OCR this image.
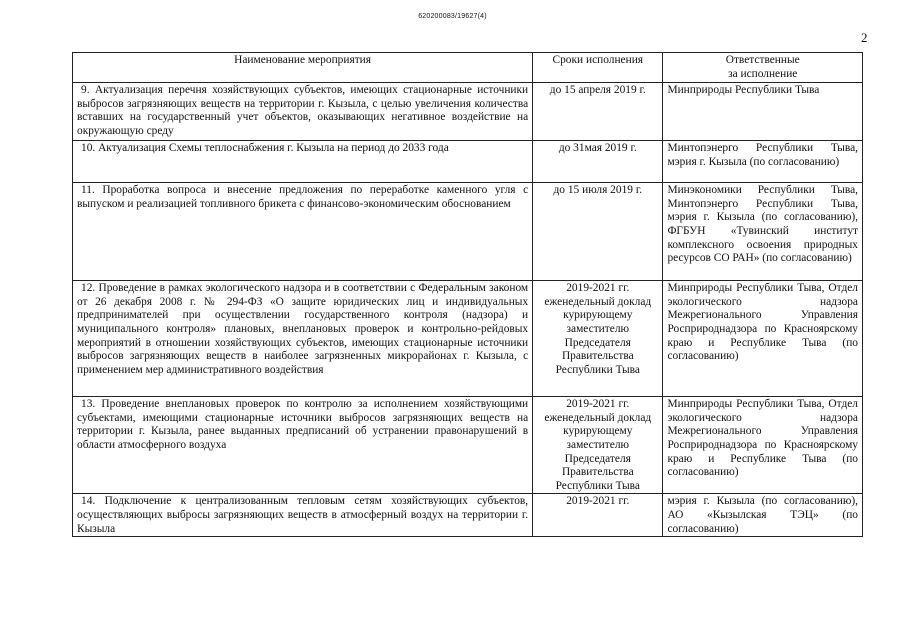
620200083/19627(4)
2
Наименование мероприятия	Сроки исполнения	Ответственные
за исполнение
9. Актуализация перечня хозяйствующих субъектов, имеющих стационарные источники выбросов загрязняющих веществ на территории г. Кызыла, с целью увеличения количества вставших на государственный учет объектов, оказывающих негативное воздействие на окружающую среду	до 15 апреля 2019 г.	Минприроды Республики Тыва
10. Актуализация Схемы теплоснабжения г. Кызыла на период до 2033 года	до 31мая 2019 г.	Минтопэнерго Республики Тыва, мэрия г. Кызыла (по согласованию)
11. Проработка вопроса и внесение предложения по переработке каменного угля с выпуском и реализацией топливного брикета с финансово-экономическим обоснованием	до 15 июля 2019 г.	Минэкономики Республики Тыва, Минтопэнерго Республики Тыва, мэрия г. Кызыла (по согласованию), ФГБУН «Тувинский институт комплексного освоения природных ресурсов СО РАН» (по согласованию)
12. Проведение в рамках экологического надзора и в соответствии с Федеральным законом от 26 декабря 2008 г. № 294-ФЗ «О защите юридических лиц и индивидуальных предпринимателей при осуществлении государственного контроля (надзора) и муниципального контроля» плановых, внеплановых проверок и контрольно-рейдовых мероприятий в отношении хозяйствующих субъектов, имеющих стационарные источники выбросов загрязняющих веществ в наиболее загрязненных микрорайонах г. Кызыла, с применением мер административного воздействия	2019-2021 гг. еженедельный доклад курирующему заместителю Председателя Правительства Республики Тыва	Минприроды Республики Тыва, Отдел экологического надзора Межрегионального Управления Росприроднадзора по Красноярскому краю и Республике Тыва (по согласованию)
13. Проведение внеплановых проверок по контролю за исполнением хозяйствующими субъектами, имеющими стационарные источники выбросов загрязняющих веществ на территории г. Кызыла, ранее выданных предписаний об устранении правонарушений в области атмосферного воздуха	2019-2021 гг. еженедельный доклад курирующему заместителю Председателя Правительства Республики Тыва	Минприроды Республики Тыва, Отдел экологического надзора Межрегионального Управления Росприроднадзора по Красноярскому краю и Республике Тыва (по согласованию)
14. Подключение к централизованным тепловым сетям хозяйствующих субъектов, осуществляющих выбросы загрязняющих веществ в атмосферный воздух на территории г. Кызыла	2019-2021 гг.	мэрия г. Кызыла (по согласованию), АО «Кызылская ТЭЦ» (по согласованию)
